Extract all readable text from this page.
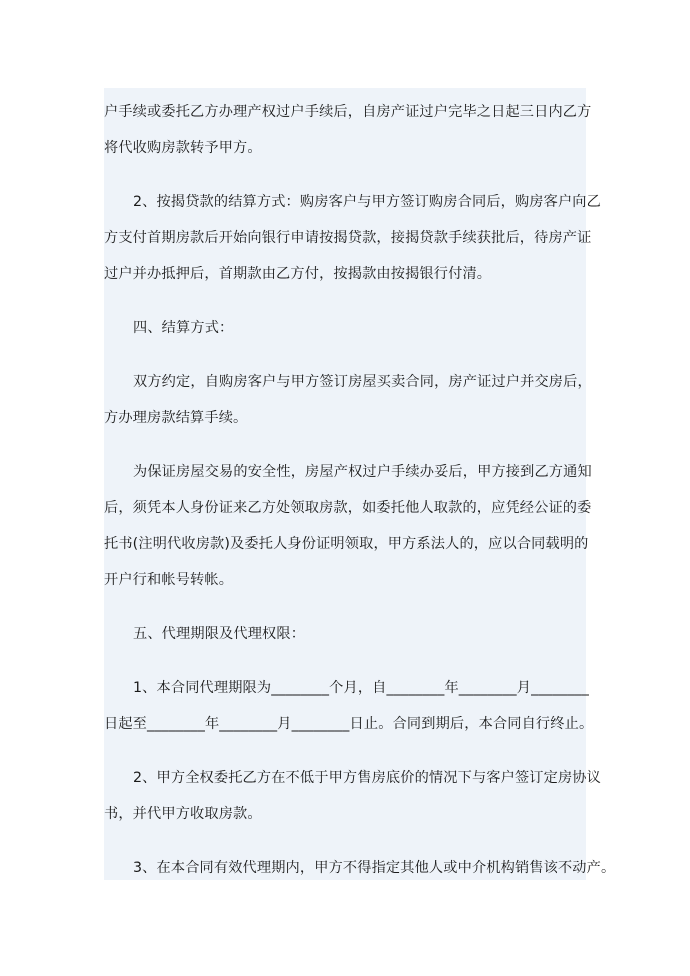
户手续或委托乙方办理产权过户手续后，自房产证过户完毕之日起三日内乙方
将代收购房款转予甲方。
2、按揭贷款的结算方式：购房客户与甲方签订购房合同后，购房客户向乙
方支付首期房款后开始向银行申请按揭贷款，接揭贷款手续获批后，待房产证
过户并办抵押后，首期款由乙方付，按揭款由按揭银行付清。
四、结算方式：
双方约定，自购房客户与甲方签订房屋买卖合同，房产证过户并交房后，
方办理房款结算手续。
为保证房屋交易的安全性，房屋产权过户手续办妥后，甲方接到乙方通知
后，须凭本人身份证来乙方处领取房款，如委托他人取款的，应凭经公证的委
托书(注明代收房款)及委托人身份证明领取，甲方系法人的，应以合同载明的
开户行和帐号转帐。
五、代理期限及代理权限：
1、本合同代理期限为________个月，自________年________月________
日起至________年________月________日止。合同到期后，本合同自行终止。
2、甲方全权委托乙方在不低于甲方售房底价的情况下与客户签订定房协议
书，并代甲方收取房款。
3、在本合同有效代理期内，甲方不得指定其他人或中介机构销售该不动产。
